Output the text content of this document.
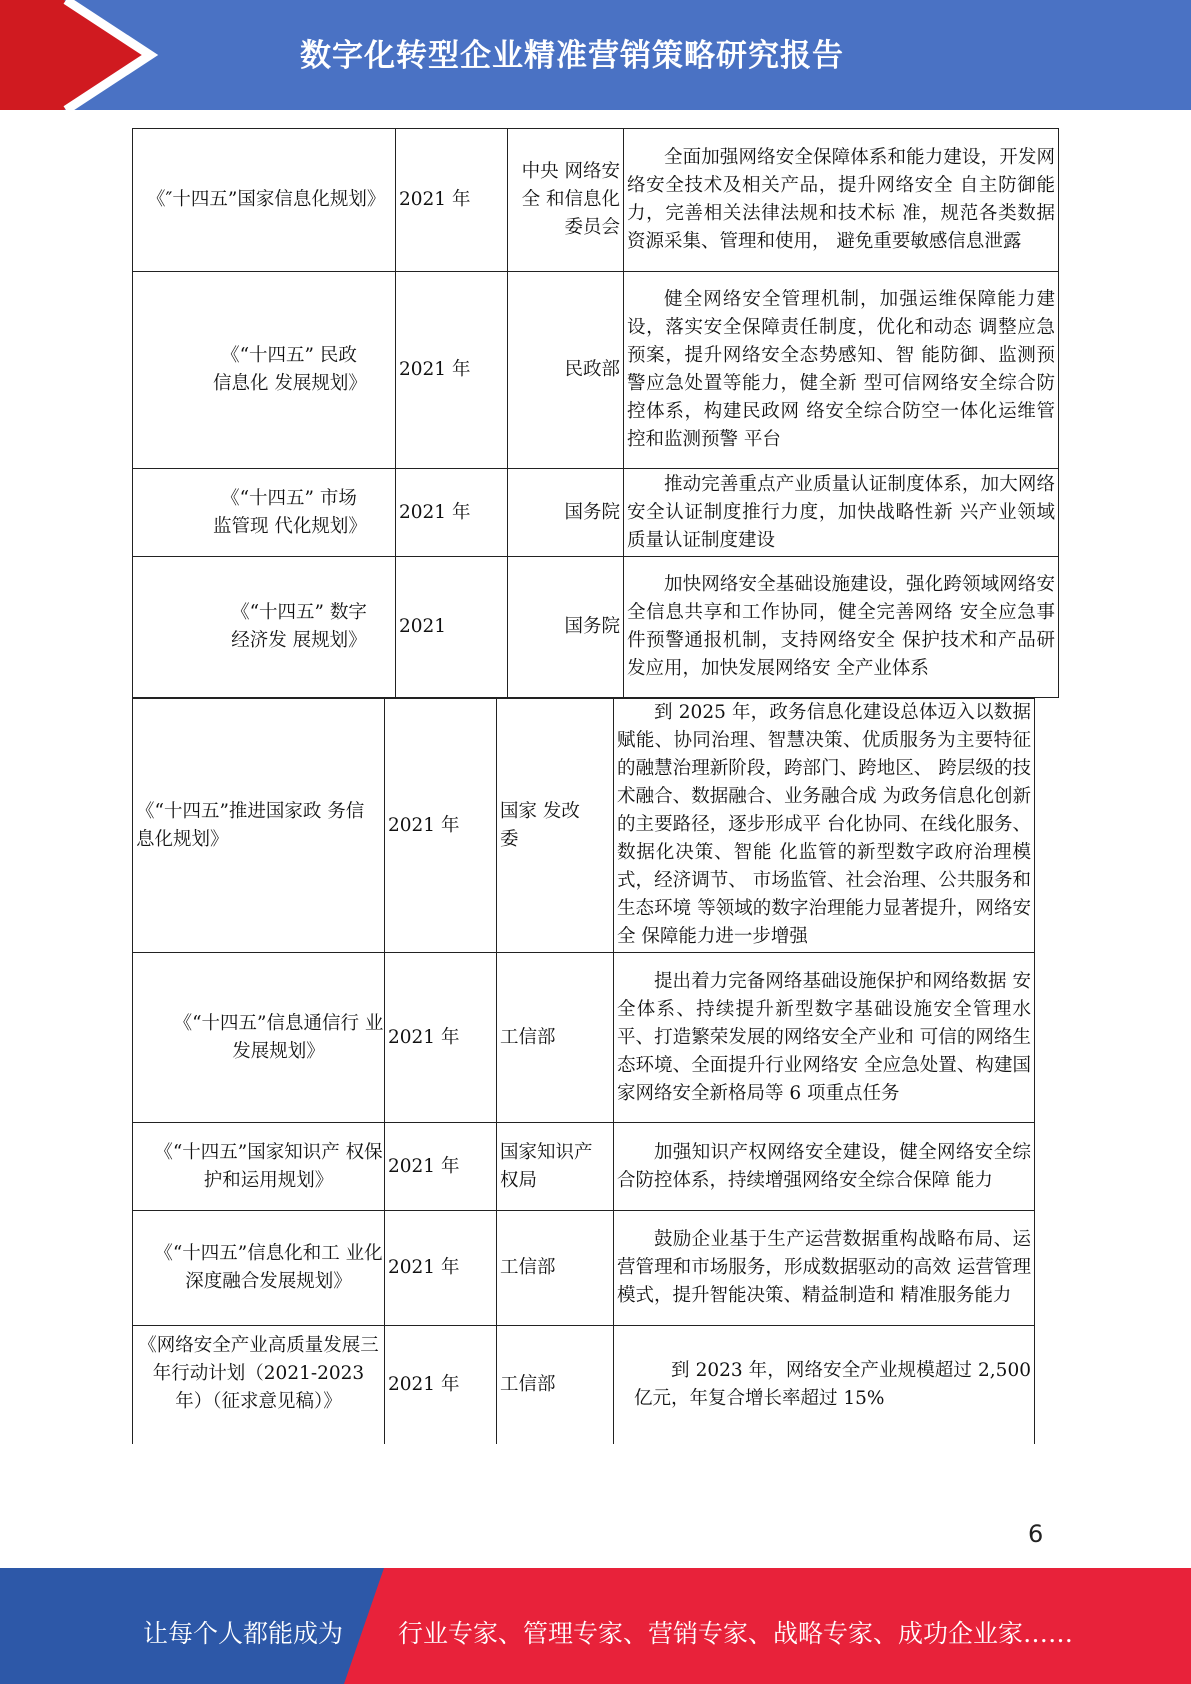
数字化转型企业精准营销策略研究报告
《″十四五”国家信息化规划》	2021 年	中央 网络安全 和信息化 委员会	全面加强网络安全保障体系和能力建设，开发网络安全技术及相关产品，提升网络安全 自主防御能力，完善相关法律法规和技术标 准，规范各类数据资源采集、管理和使用， 避免重要敏感信息泄露
《“十四五” 民政信息化 发展规划》	2021 年	民政部	健全网络安全管理机制，加强运维保障能力建设，落实安全保障责任制度，优化和动态 调整应急预案，提升网络安全态势感知、智 能防御、监测预警应急处置等能力，健全新 型可信网络安全综合防控体系，构建民政网 络安全综合防空一体化运维管控和监测预警 平台
《“十四五” 市场监管现 代化规划》	2021 年	国务院	推动完善重点产业质量认证制度体系，加大网络安全认证制度推行力度，加快战略性新 兴产业领域质量认证制度建设
《“十四五” 数字经济发 展规划》	2021	国务院	加快网络安全基础设施建设，强化跨领域网络安全信息共享和工作协同，健全完善网络 安全应急事件预警通报机制，支持网络安全 保护技术和产品研发应用，加快发展网络安 全产业体系
《“十四五”推进国家政 务信息化规划》	2021 年	国家 发改委	到 2025 年，政务信息化建设总体迈入以数据 赋能、协同治理、智慧决策、优质服务为主要特征的融慧治理新阶段，跨部门、跨地区、 跨层级的技术融合、数据融合、业务融合成 为政务信息化创新的主要路径，逐步形成平 台化协同、在线化服务、数据化决策、智能 化监管的新型数字政府治理模式，经济调节、 市场监管、社会治理、公共服务和生态环境 等领域的数字治理能力显著提升，网络安全 保障能力进一步增强

《“十四五”信息通信行 业发展规划》	2021 年	工信部	提出着力完备网络基础设施保护和网络数据 安全体系、持续提升新型数字基础设施安全管理水平、打造繁荣发展的网络安全产业和 可信的网络生态环境、全面提升行业网络安 全应急处置、构建国家网络安全新格局等 6 项重点任务
《“十四五”国家知识产 权保护和运用规划》	2021 年	国家知识产权局	加强知识产权网络安全建设，健全网络安全综合防控体系，持续增强网络安全综合保障 能力
《“十四五”信息化和工 业化深度融合发展规划》	2021 年	工信部	鼓励企业基于生产运营数据重构战略布局、运营管理和市场服务，形成数据驱动的高效 运营管理模式，提升智能决策、精益制造和 精准服务能力

《网络安全产业高质量发展三年行动计划（2021-2023 年）（征求意见稿）》	2021 年	工信部	到 2023 年，网络安全产业规模超过 2,500 亿元，年复合增长率超过 15%
6
让每个人都能成为 行业专家、管理专家、营销专家、战略专家、成功企业家……
